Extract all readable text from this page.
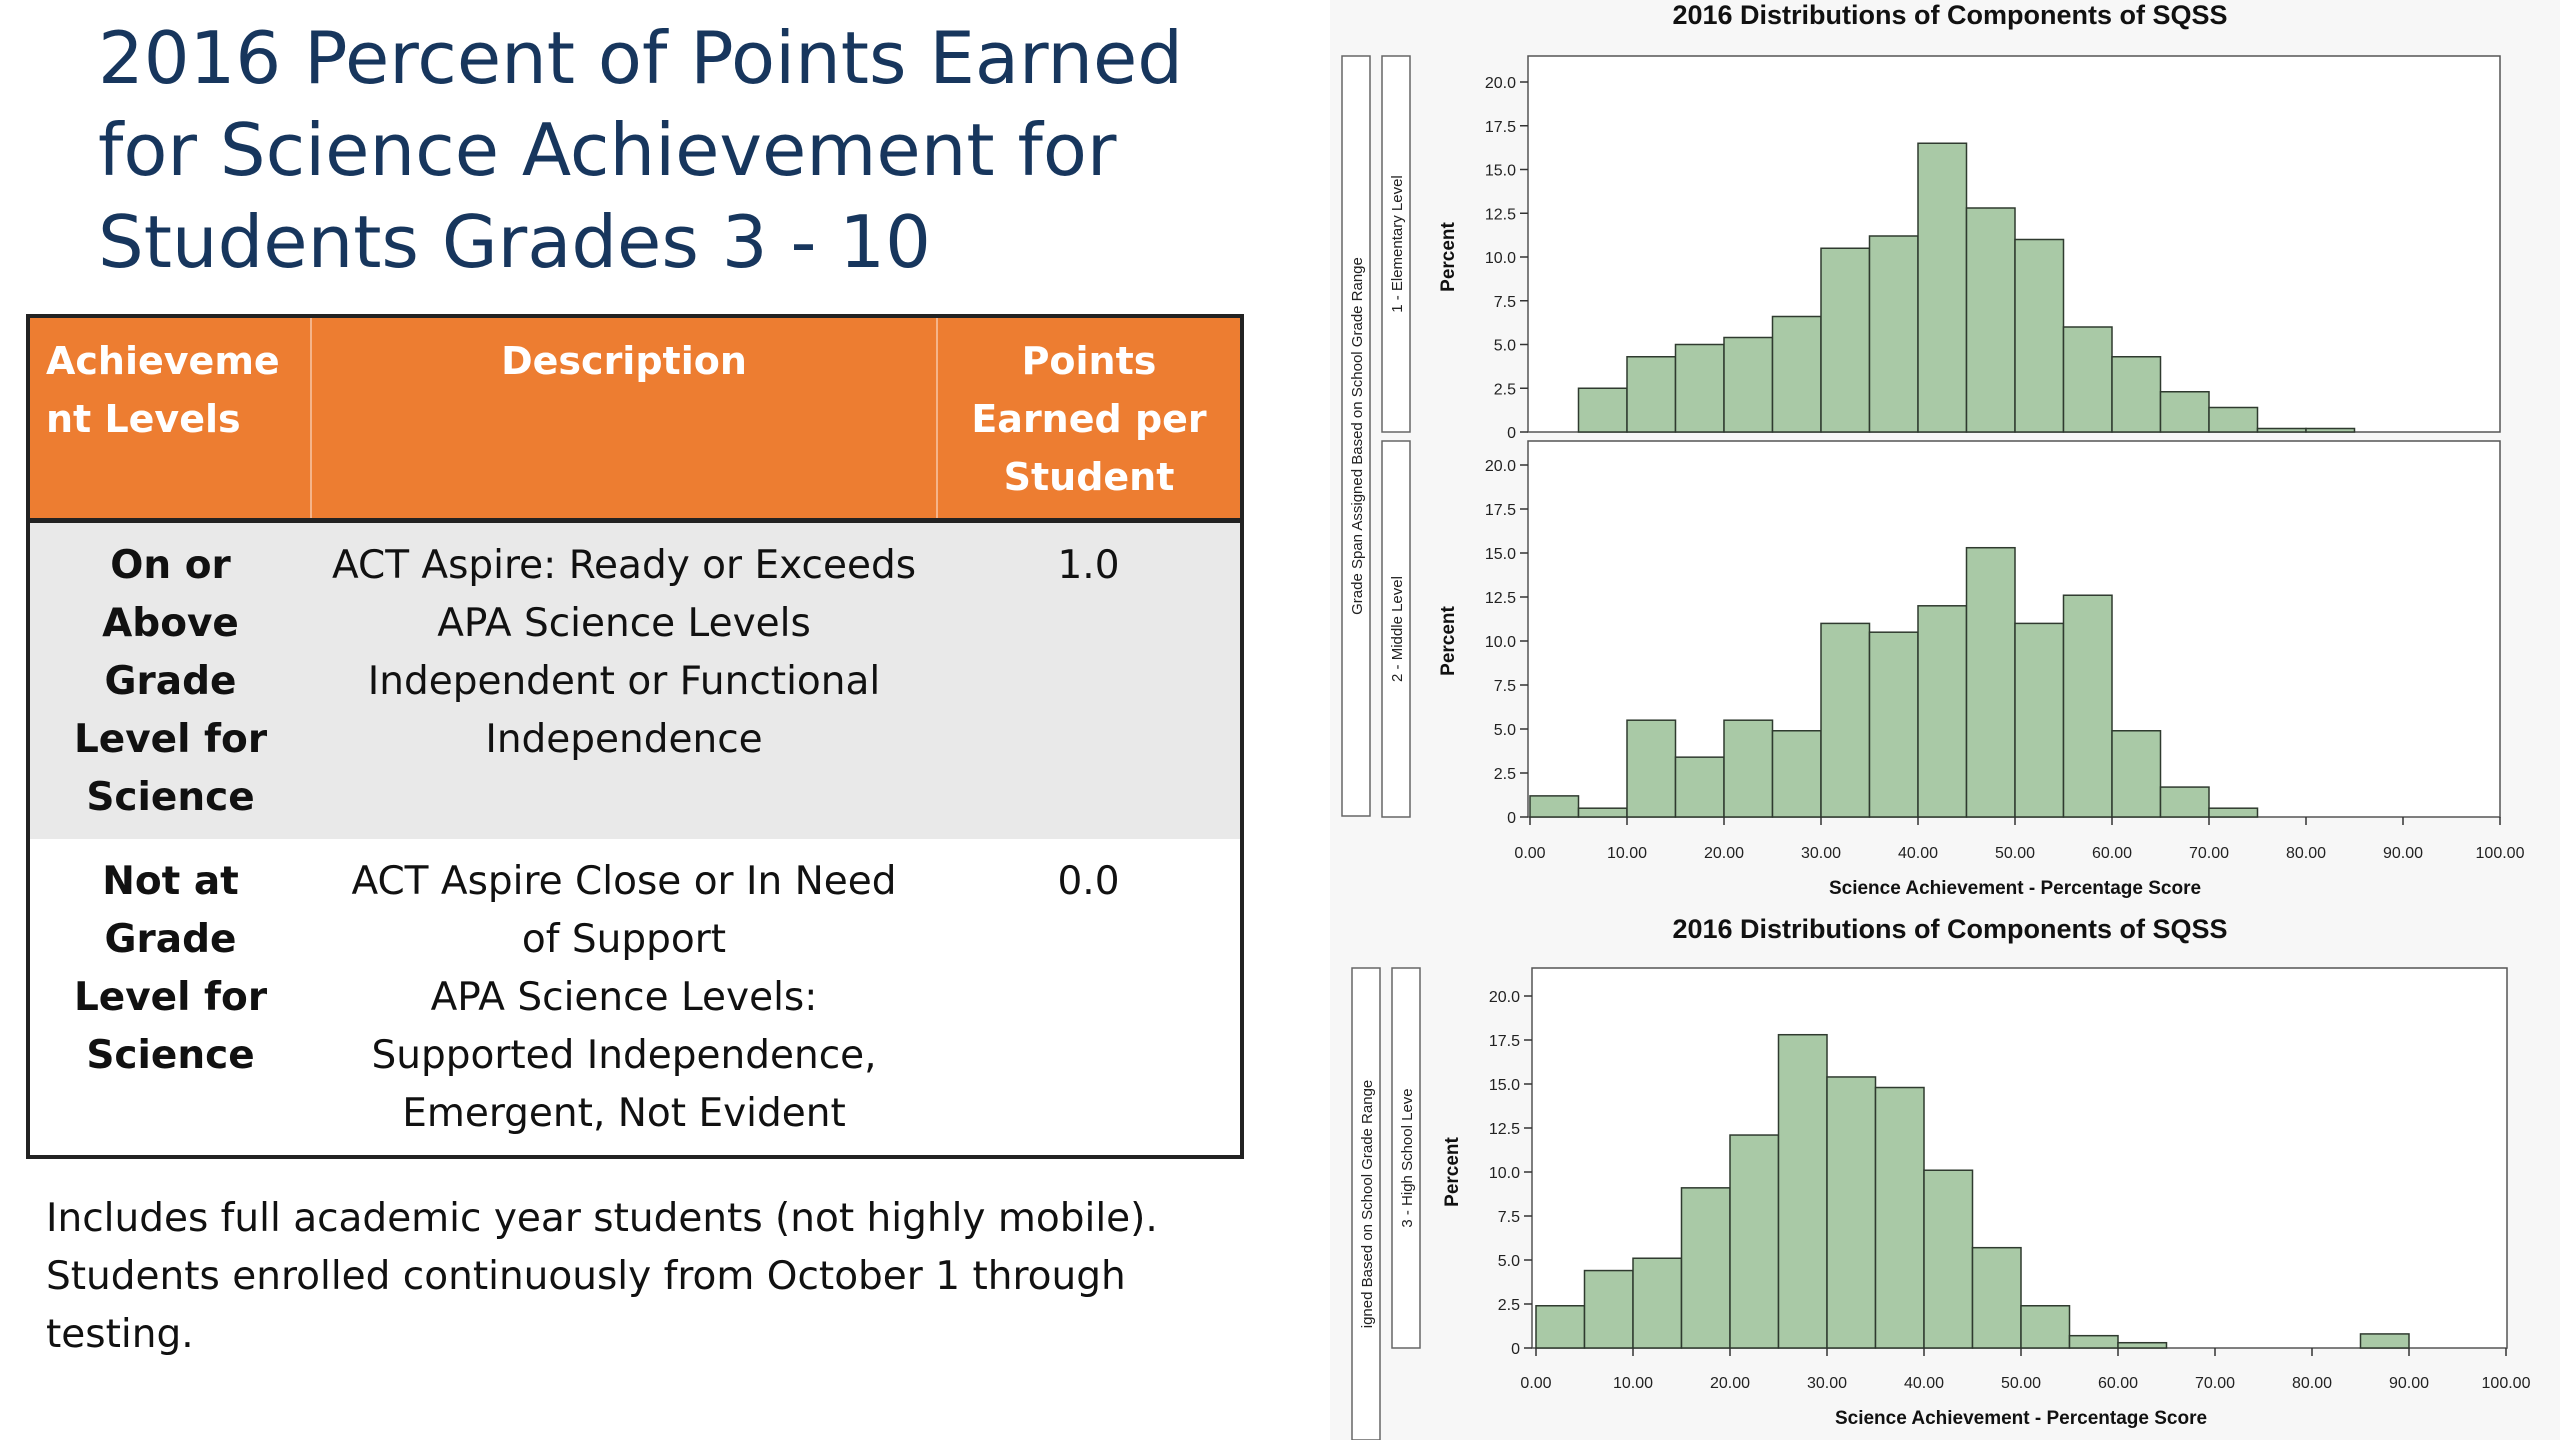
2016 Percent of Points Earned
for Science Achievement for
Students Grades 3 - 10
Achieveme nt Levels	Description	Points Earned per Student
On or Above Grade Level for Science	ACT Aspire: Ready or Exceeds
APA Science Levels
Independent or Functional
Independence	1.0
Not at Grade Level for Science	ACT Aspire Close or In Need
of Support
APA Science Levels:
Supported Independence,
Emergent, Not Evident	0.0
Includes full academic year students (not highly mobile).
Students enrolled continuously from October 1 through
testing.
2016 Distributions of Components of SQSS
Grade Span Assigned Based on School Grade Range
1 - Elementary Level
0
2.5
5.0
7.5
10.0
12.5
15.0
17.5
20.0
Percent
2 - Middle Level
0
2.5
5.0
7.5
10.0
12.5
15.0
17.5
20.0
Percent
0.00	10.00	20.00	30.00	40.00	50.00	60.00	70.00	80.00	90.00	100.00
Science Achievement - Percentage Score
2016 Distributions of Components of SQSS
igned Based on School Grade Range 3 - High School Leve
0
2.5
5.0
7.5
10.0
12.5
15.0
17.5
20.0
Percent
0.00	10.00	20.00	30.00	40.00	50.00	60.00	70.00	80.00	90.00	100.00
Science Achievement - Percentage Score
